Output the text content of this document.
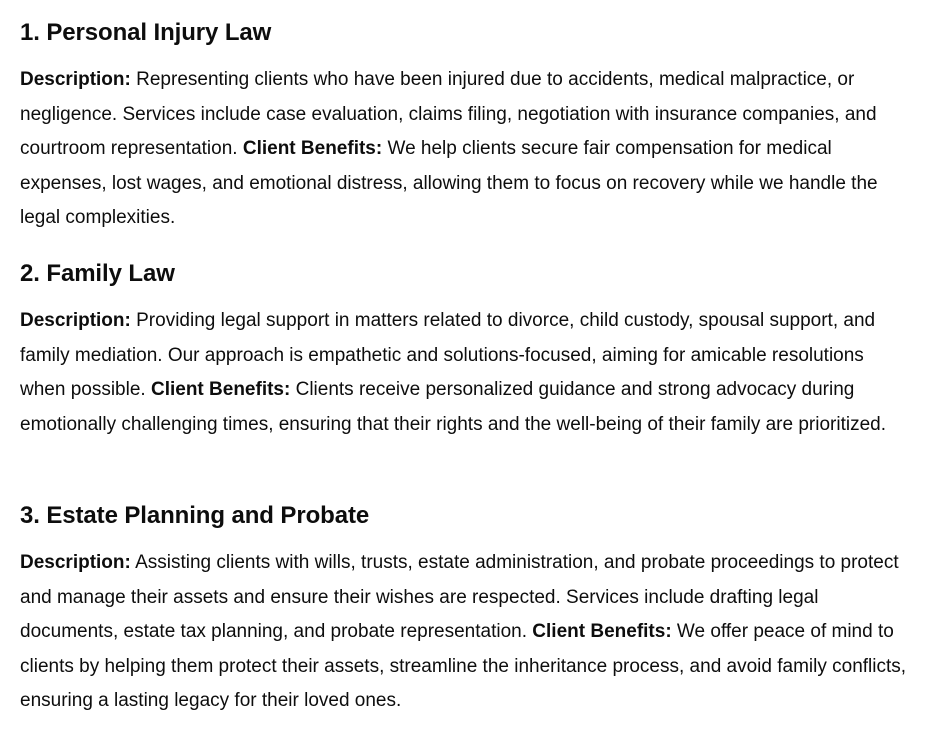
1. Personal Injury Law

Description: Representing clients who have been injured due to accidents, medical malpractice, or negligence. Services include case evaluation, claims filing, negotiation with insurance companies, and courtroom representation. Client Benefits: We help clients secure fair compensation for medical expenses, lost wages, and emotional distress, allowing them to focus on recovery while we handle the legal complexities.

2. Family Law

Description: Providing legal support in matters related to divorce, child custody, spousal support, and family mediation. Our approach is empathetic and solutions-focused, aiming for amicable resolutions when possible. Client Benefits: Clients receive personalized guidance and strong advocacy during emotionally challenging times, ensuring that their rights and the well-being of their family are prioritized.

3. Estate Planning and Probate

Description: Assisting clients with wills, trusts, estate administration, and probate proceedings to protect and manage their assets and ensure their wishes are respected. Services include drafting legal documents, estate tax planning, and probate representation. Client Benefits: We offer peace of mind to clients by helping them protect their assets, streamline the inheritance process, and avoid family conflicts, ensuring a lasting legacy for their loved ones.
